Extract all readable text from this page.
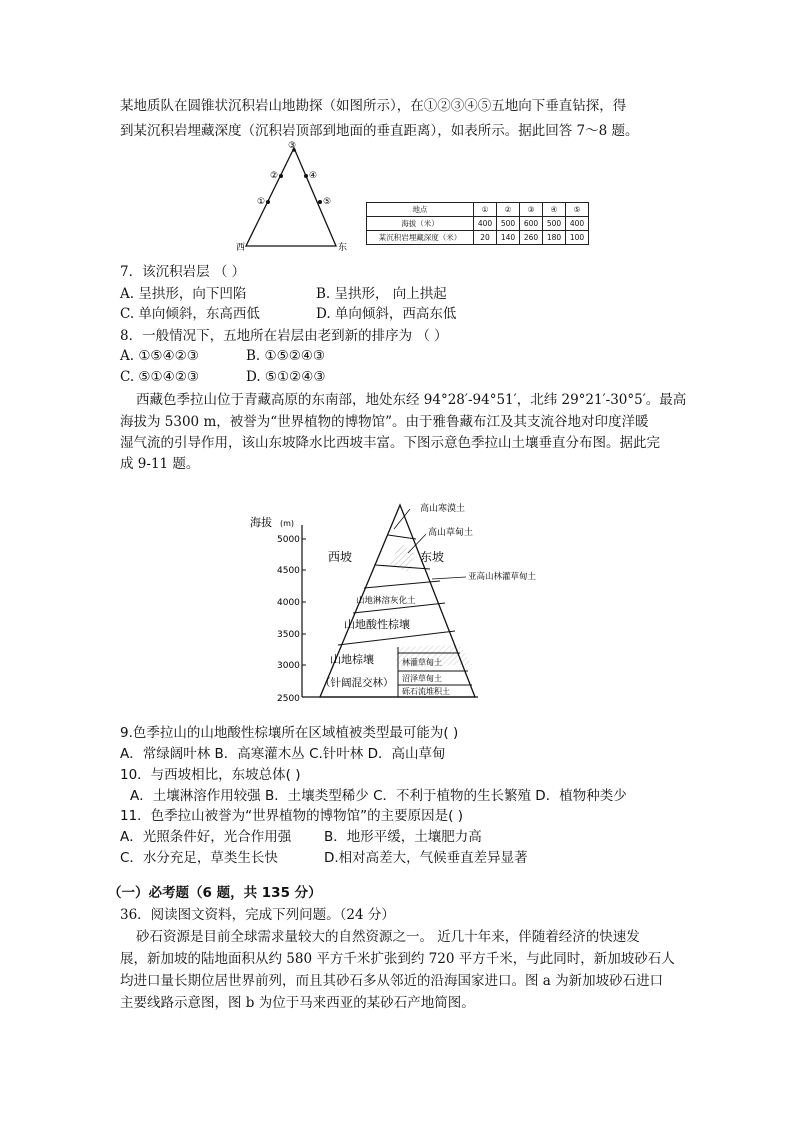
某地质队在圆锥状沉积岩山地勘探（如图所示），在①②③④⑤五地向下垂直钻探，得
到某沉积岩埋藏深度（沉积岩顶部到地面的垂直距离），如表所示。据此回答 7～8 题。
③
②
①
④
⑤
西	东
地点	①	②	③	④	⑤
海拔（米）	400	500	600	500	400
某沉积岩埋藏深度（米）	20	140	260	180	100
7．该沉积岩层 （ ）
A. 呈拱形，向下凹陷	B. 呈拱形， 向上拱起
C. 单向倾斜，东高西低	D. 单向倾斜，西高东低
8．一般情况下，五地所在岩层由老到新的排序为 （ ）
A. ①⑤④②③	B. ①⑤②④③
C. ⑤①④②③	D. ⑤①②④③
西藏色季拉山位于青藏高原的东南部，地处东经 94°28′-94°51′，北纬 29°21′-30°5′。最高
海拔为 5300 m，被誉为“世界植物的博物馆”。由于雅鲁藏布江及其支流谷地对印度洋暖
湿气流的引导作用，该山东坡降水比西坡丰富。下图示意色季拉山土壤垂直分布图。据此完
成 9-11 题。
海拔 (m)
5000
4500
4000
3500
3000
2500
高山寒漠土
高山草甸土
亚高山林灌草甸土
西坡	东坡
山地淋溶灰化土
山地酸性棕壤
山地棕壤
（针阔混交林）
林灌草甸土
沼泽草甸土
砾石流堆积土
9.色季拉山的山地酸性棕壤所在区域植被类型最可能为( )
A．常绿阔叶林 B．高寒灌木丛 C.针叶林 D．高山草甸
10．与西坡相比，东坡总体( )
A．土壤淋溶作用较强 B．土壤类型稀少 C．不利于植物的生长繁殖 D．植物种类少
11．色季拉山被誉为“世界植物的博物馆”的主要原因是( )
A．光照条件好，光合作用强 B．地形平缓，土壤肥力高
C．水分充足，草类生长快	D.相对高差大，气候垂直差异显著
（一）必考题（6 题，共 135 分）
36．阅读图文资料，完成下列问题。（24 分）
砂石资源是目前全球需求量较大的自然资源之一。 近几十年来，伴随着经济的快速发
展，新加坡的陆地面积从约 580 平方千米扩张到约 720 平方千米，与此同时，新加坡砂石人
均进口量长期位居世界前列，而且其砂石多从邻近的沿海国家进口。图 a 为新加坡砂石进口
主要线路示意图，图 b 为位于马来西亚的某砂石产地简图。
